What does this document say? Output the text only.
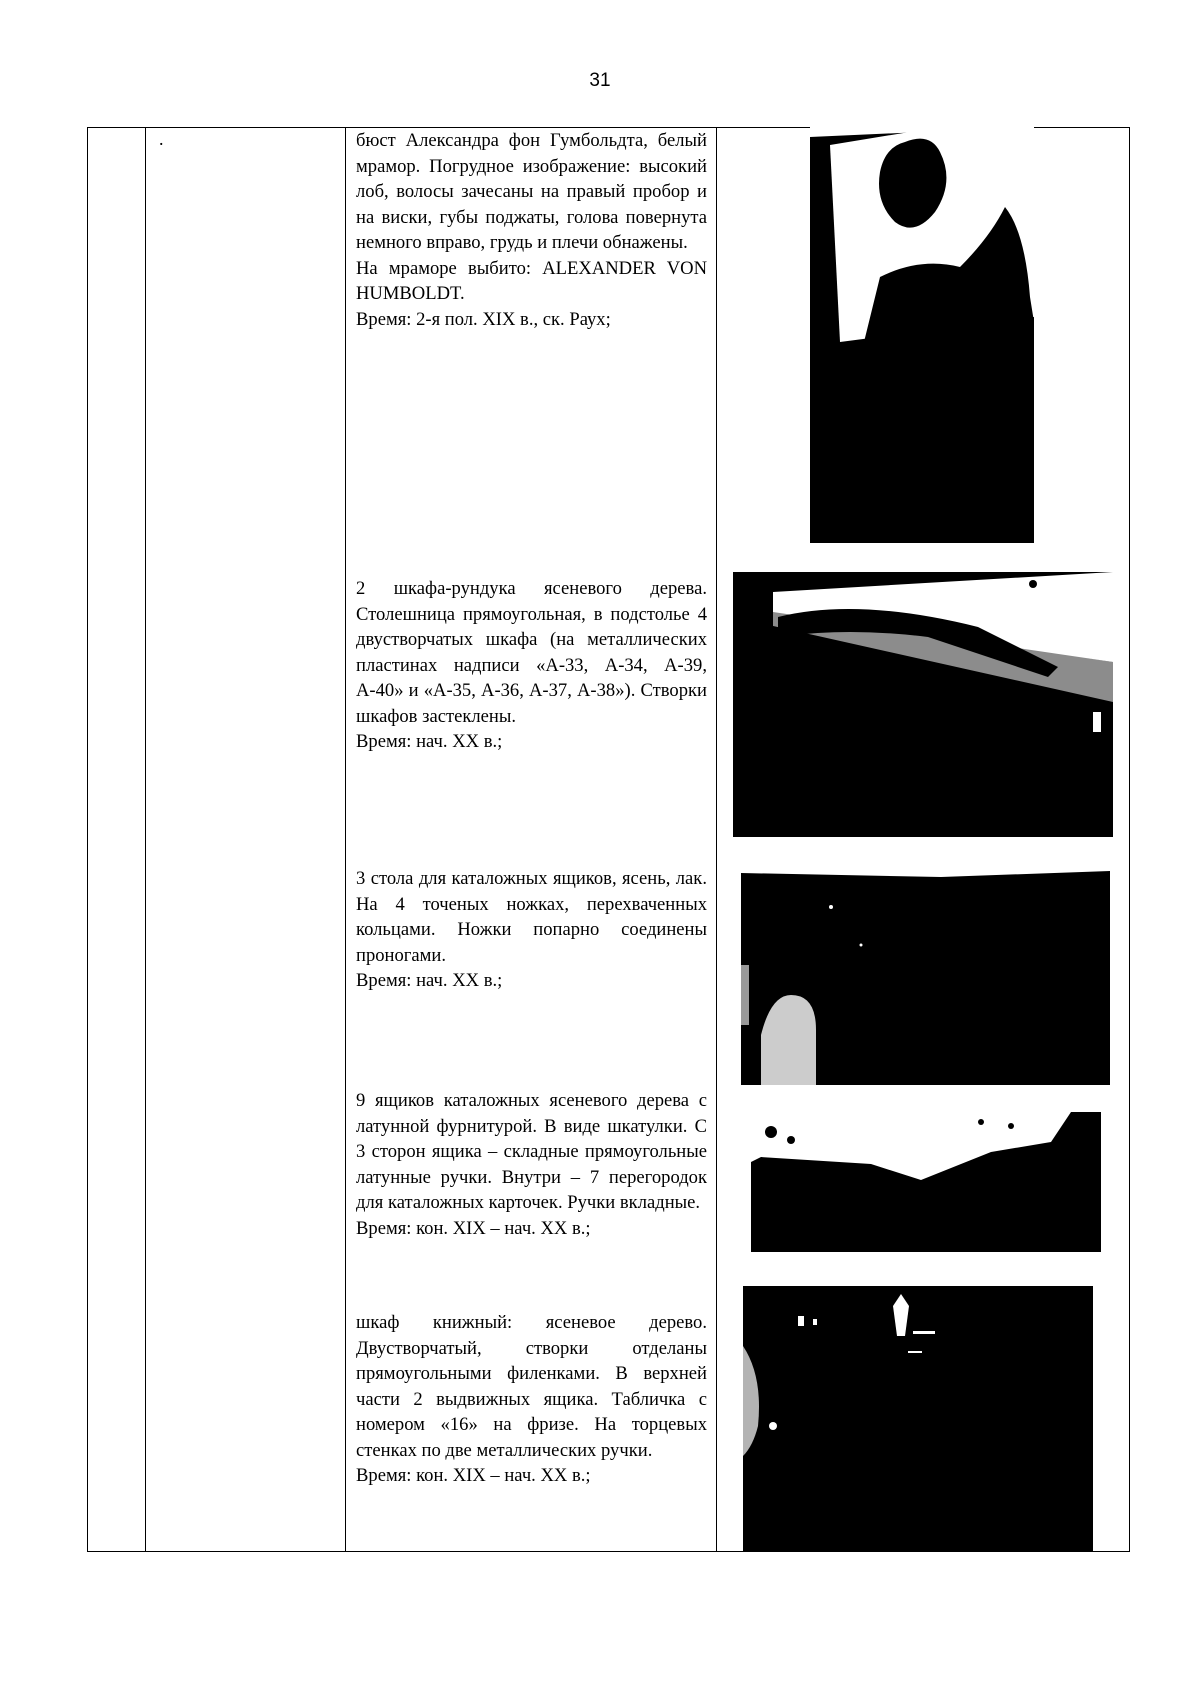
31
.	бюст Александра фон Гумбольдта, белый мрамор. Погрудное изображение: высокий лоб, волосы зачесаны на правый пробор и на виски, губы поджаты, голова повернута немного вправо, грудь и плечи обнажены.

На мраморе выбито: ALEXANDER VON HUMBOLDT.

Время: 2-я пол. XIX в., ск. Раух;

2 шкафа-рундука ясеневого дерева. Столешница прямоугольная, в подстолье 4 двустворчатых шкафа (на металлических пластинах надписи «А-33, А-34, А-39, А-40» и «А-35, А-36, А-37, А-38»). Створки шкафов застеклены.

Время: нач. XX в.;

3 стола для каталожных ящиков, ясень, лак. На 4 точеных ножках, перехваченных кольцами. Ножки попарно соединены проногами.

Время: нач. XX в.;

9 ящиков каталожных ясеневого дерева с латунной фурнитурой. В виде шкатулки. С 3 сторон ящика – складные прямоугольные латунные ручки. Внутри – 7 перегородок для каталожных карточек. Ручки вкладные.

Время: кон. XIX – нач. XX в.;

шкаф книжный: ясеневое дерево. Двустворчатый, створки отделаны прямоугольными филенками. В верхней части 2 выдвижных ящика. Табличка с номером «16» на фризе. На торцевых стенках по две металлических ручки.

Время: кон. XIX – нач. XX в.;
